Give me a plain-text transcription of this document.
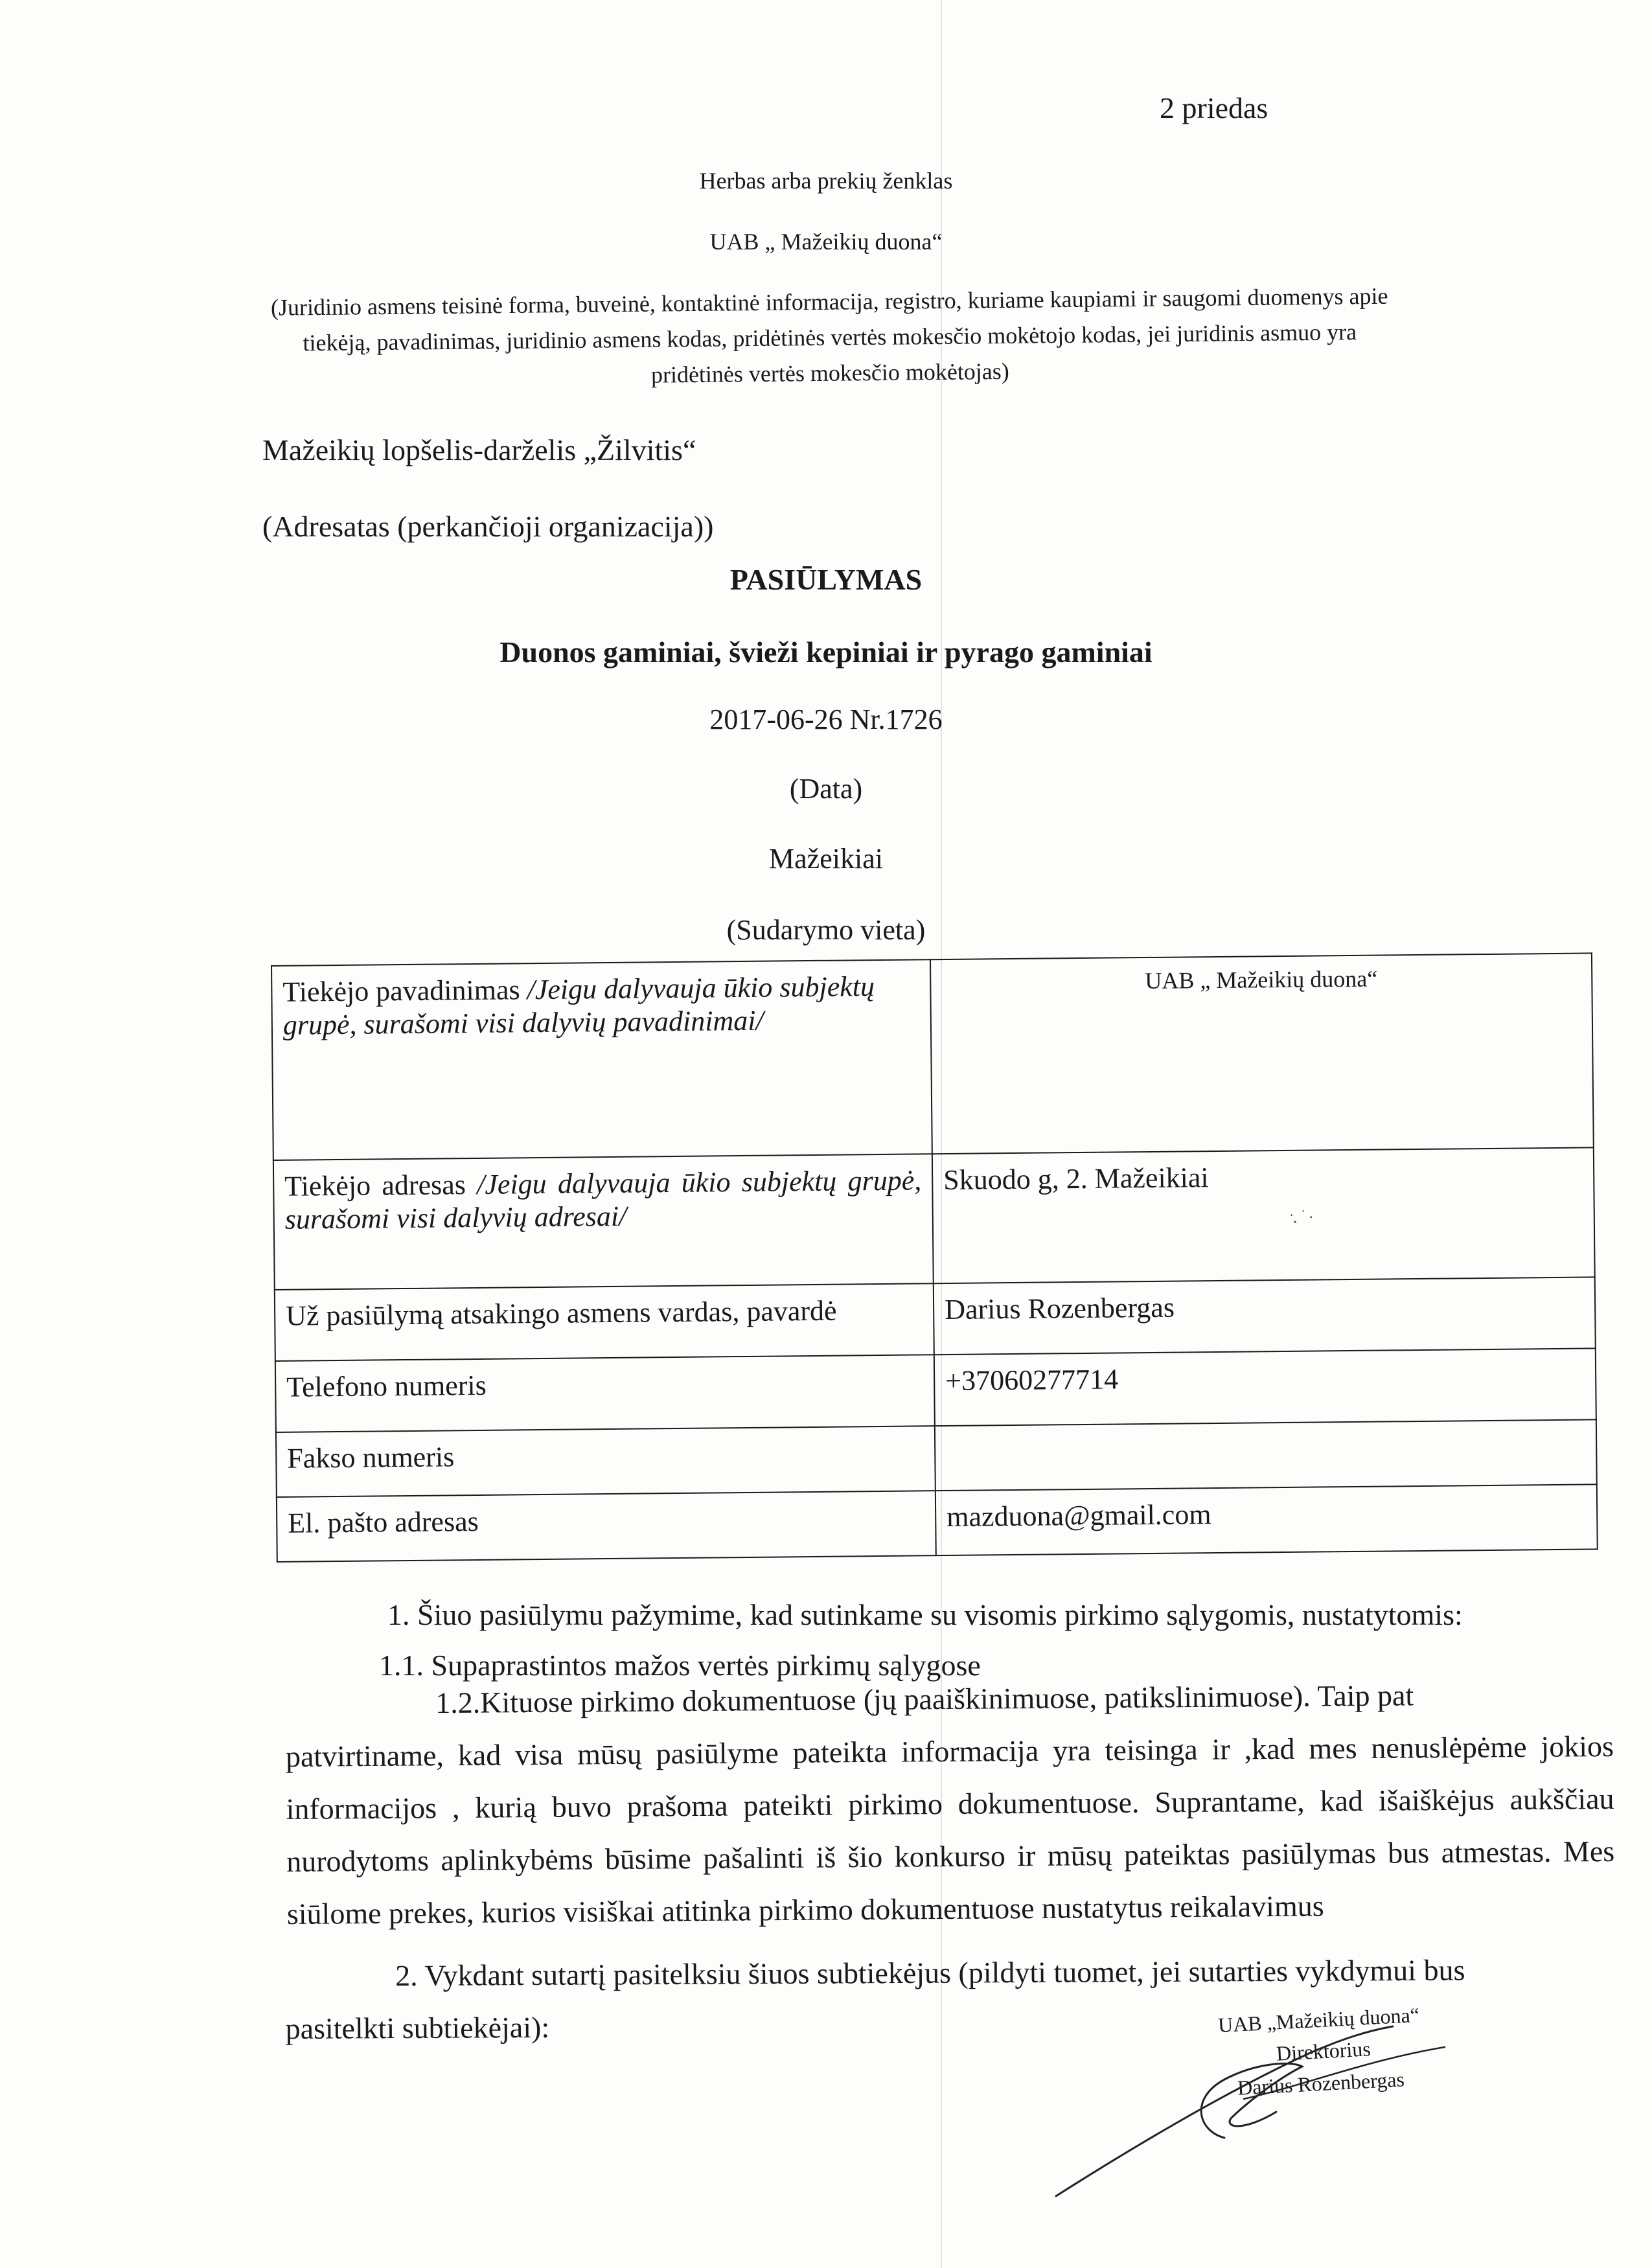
2 priedas
Herbas arba prekių ženklas
UAB „ Mažeikių duona“
(Juridinio asmens teisinė forma, buveinė, kontaktinė informacija, registro, kuriame kaupiami ir saugomi duomenys apie tiekėją, pavadinimas, juridinio asmens kodas, pridėtinės vertės mokesčio mokėtojo kodas, jei juridinis asmuo yra pridėtinės vertės mokesčio mokėtojas)
Mažeikių lopšelis-darželis „Žilvitis“
(Adresatas (perkančioji organizacija))
PASIŪLYMAS
Duonos gaminiai, švieži kepiniai ir pyrago gaminiai
2017-06-26 Nr.1726
(Data)
Mažeikiai
(Sudarymo vieta)
Tiekėjo pavadinimas /Jeigu dalyvauja ūkio subjektų grupė, surašomi visi dalyvių pavadinimai/	UAB „ Mažeikių duona“

Tiekėjo adresas /Jeigu dalyvauja ūkio subjektų grupė, surašomi visi dalyvių adresai/	Skuodo g, 2. Mažeikiai
Už pasiūlymą atsakingo asmens vardas, pavardė	Darius Rozenbergas
Telefono numeris	+37060277714
Fakso numeris	
El. pašto adresas	mazduona@gmail.com
1. Šiuo pasiūlymu pažymime, kad sutinkame su visomis pirkimo sąlygomis, nustatytomis:
1.1. Supaprastintos mažos vertės pirkimų sąlygose
1.2.Kituose pirkimo dokumentuose (jų paaiškinimuose, patikslinimuose). Taip pat
patvirtiname, kad visa mūsų pasiūlyme pateikta informacija yra teisinga ir ,kad mes nenuslėpėme jokios informacijos , kurią buvo prašoma pateikti pirkimo dokumentuose. Suprantame, kad išaiškėjus aukščiau nurodytoms aplinkybėms būsime pašalinti iš šio konkurso ir mūsų pateiktas pasiūlymas bus atmestas. Mes siūlome prekes, kurios visiškai atitinka pirkimo dokumentuose nustatytus reikalavimus
2. Vykdant sutartį pasitelksiu šiuos subtiekėjus (pildyti tuomet, jei sutarties vykdymui bus
pasitelkti subtiekėjai):	UAB „Mažeikių duona“
Direktorius
Darius Rozenbergas
·⸼ ˙ ⸳
